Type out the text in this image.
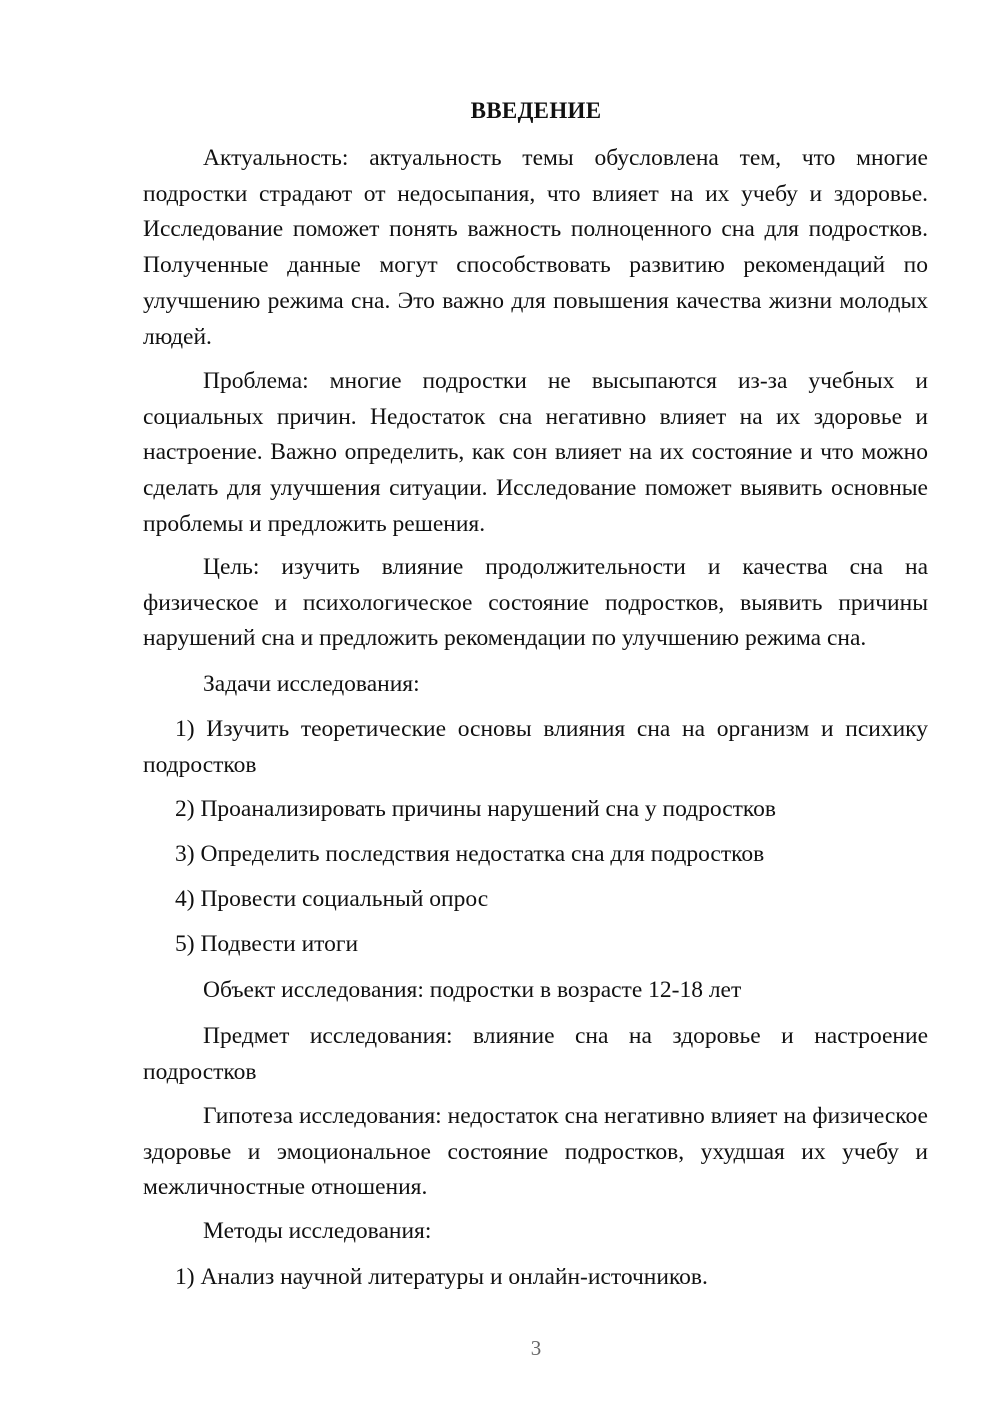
ВВЕДЕНИЕ

Актуальность: актуальность темы обусловлена тем, что многие подростки страдают от недосыпания, что влияет на их учебу и здоровье. Исследование поможет понять важность полноценного сна для подростков. Полученные данные могут способствовать развитию рекомендаций по улучшению режима сна. Это важно для повышения качества жизни молодых людей.

Проблема: многие подростки не высыпаются из-за учебных и социальных причин. Недостаток сна негативно влияет на их здоровье и настроение. Важно определить, как сон влияет на их состояние и что можно сделать для улучшения ситуации. Исследование поможет выявить основные проблемы и предложить решения.

Цель: изучить влияние продолжительности и качества сна на физическое и психологическое состояние подростков, выявить причины нарушений сна и предложить рекомендации по улучшению режима сна.

Задачи исследования:

1) Изучить теоретические основы влияния сна на организм и психику подростков

2) Проанализировать причины нарушений сна у подростков

3) Определить последствия недостатка сна для подростков

4) Провести социальный опрос

5) Подвести итоги

Объект исследования: подростки в возрасте 12-18 лет

Предмет исследования: влияние сна на здоровье и настроение подростков

Гипотеза исследования: недостаток сна негативно влияет на физическое здоровье и эмоциональное состояние подростков, ухудшая их учебу и межличностные отношения.

Методы исследования:

1) Анализ научной литературы и онлайн-источников.

3
